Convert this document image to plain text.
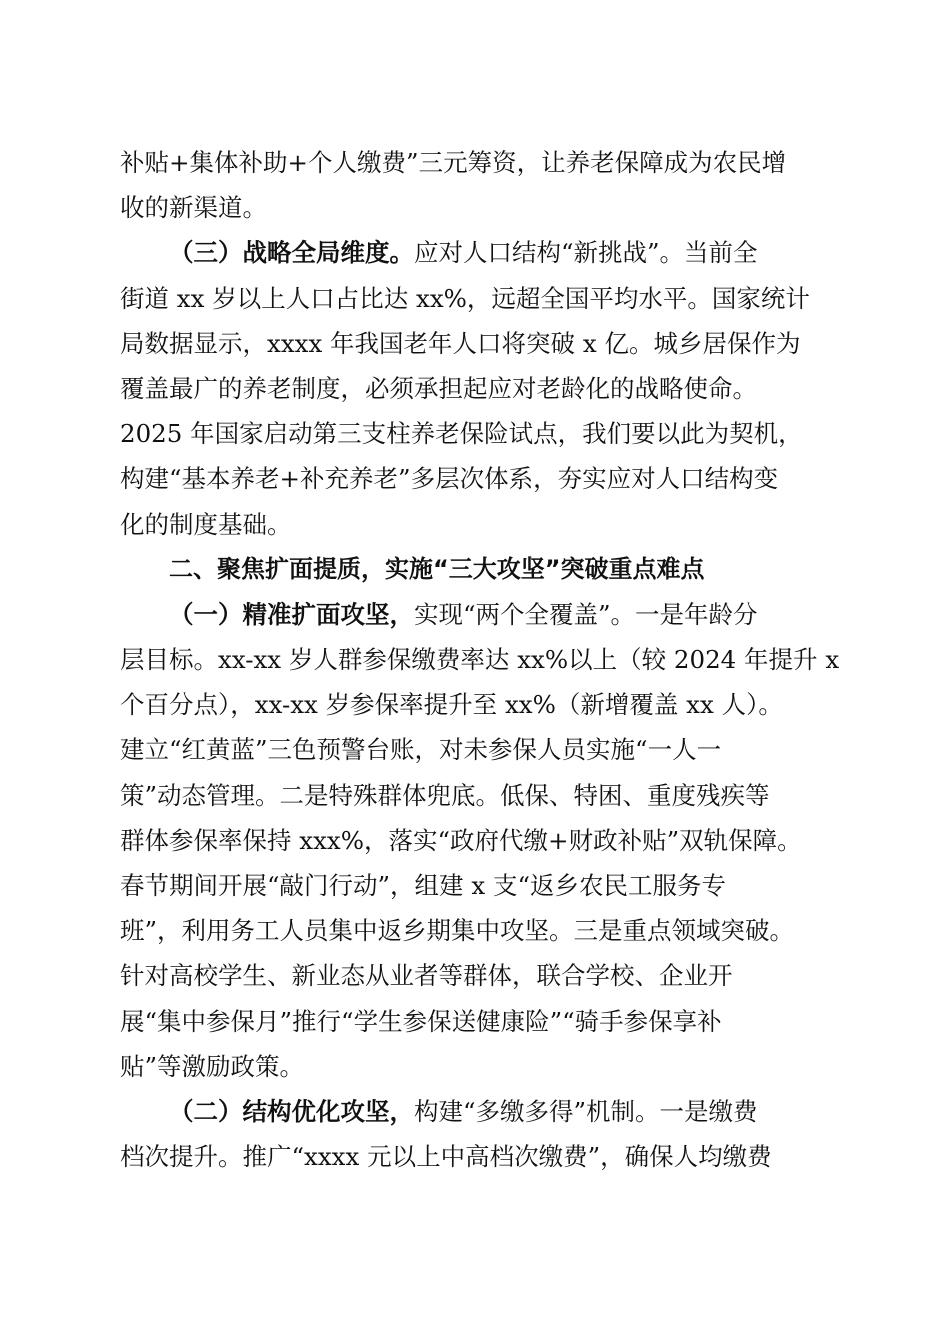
补贴+集体补助+个人缴费”三元筹资，让养老保障成为农民增
收的新渠道。
（三）战略全局维度。应对人口结构“新挑战”。当前全
街道 xx 岁以上人口占比达 xx%，远超全国平均水平。国家统计
局数据显示，xxxx 年我国老年人口将突破 x 亿。城乡居保作为
覆盖最广的养老制度，必须承担起应对老龄化的战略使命。
2025 年国家启动第三支柱养老保险试点，我们要以此为契机，
构建“基本养老+补充养老”多层次体系，夯实应对人口结构变
化的制度基础。
二、聚焦扩面提质，实施“三大攻坚”突破重点难点
（一）精准扩面攻坚，实现“两个全覆盖”。一是年龄分
层目标。xx-xx 岁人群参保缴费率达 xx%以上（较 2024 年提升 x
个百分点），xx-xx 岁参保率提升至 xx%（新增覆盖 xx 人）。
建立“红黄蓝”三色预警台账，对未参保人员实施“一人一
策”动态管理。二是特殊群体兜底。低保、特困、重度残疾等
群体参保率保持 xxx%，落实“政府代缴+财政补贴”双轨保障。
春节期间开展“敲门行动”，组建 x 支“返乡农民工服务专
班”，利用务工人员集中返乡期集中攻坚。三是重点领域突破。
针对高校学生、新业态从业者等群体，联合学校、企业开
展“集中参保月”推行“学生参保送健康险”“骑手参保享补
贴”等激励政策。
（二）结构优化攻坚，构建“多缴多得”机制。一是缴费
档次提升。推广“xxxx 元以上中高档次缴费”，确保人均缴费
